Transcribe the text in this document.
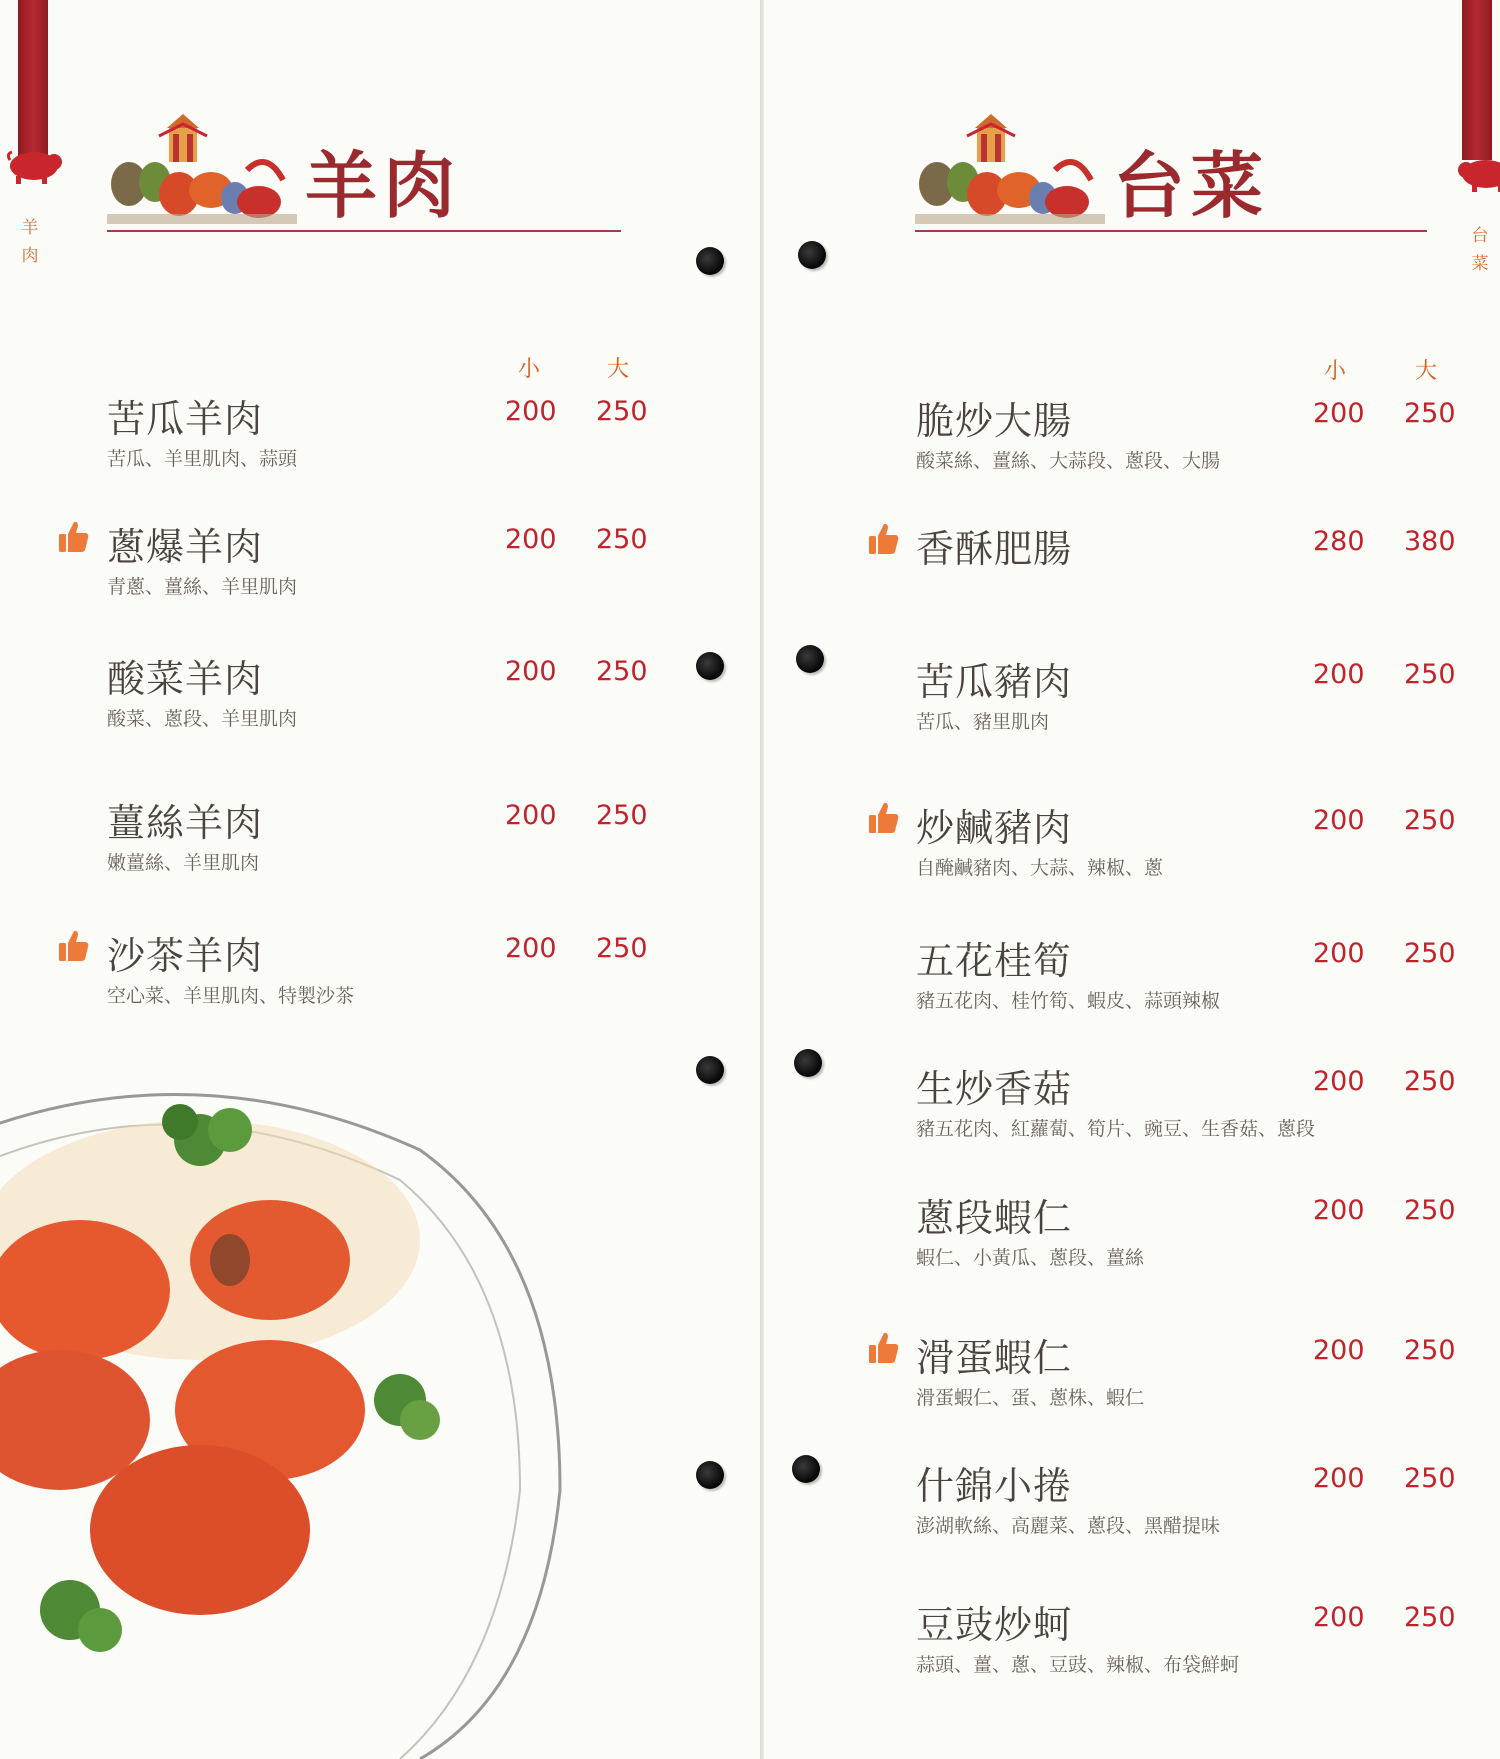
羊肉
羊肉
小	大
苦瓜羊肉
苦瓜、羊里肌肉、蒜頭
200 250
蔥爆羊肉
青蔥、薑絲、羊里肌肉
200 250
酸菜羊肉
酸菜、蔥段、羊里肌肉
200 250
薑絲羊肉
嫩薑絲、羊里肌肉
200 250
沙茶羊肉
空心菜、羊里肌肉、特製沙茶
200 250
台菜
台菜
小	大
脆炒大腸
酸菜絲、薑絲、大蒜段、蔥段、大腸
200 250
香酥肥腸	280 380
苦瓜豬肉
苦瓜、豬里肌肉
200 250
炒鹹豬肉
自醃鹹豬肉、大蒜、辣椒、蔥
200 250
五花桂筍
豬五花肉、桂竹筍、蝦皮、蒜頭辣椒
200 250
生炒香菇
豬五花肉、紅蘿蔔、筍片、豌豆、生香菇、蔥段
200 250
蔥段蝦仁
蝦仁、小黃瓜、蔥段、薑絲
200 250
滑蛋蝦仁
滑蛋蝦仁、蛋、蔥株、蝦仁
200 250
什錦小捲
澎湖軟絲、高麗菜、蔥段、黑醋提味
200 250
豆豉炒蚵
蒜頭、薑、蔥、豆豉、辣椒、布袋鮮蚵
200 250
